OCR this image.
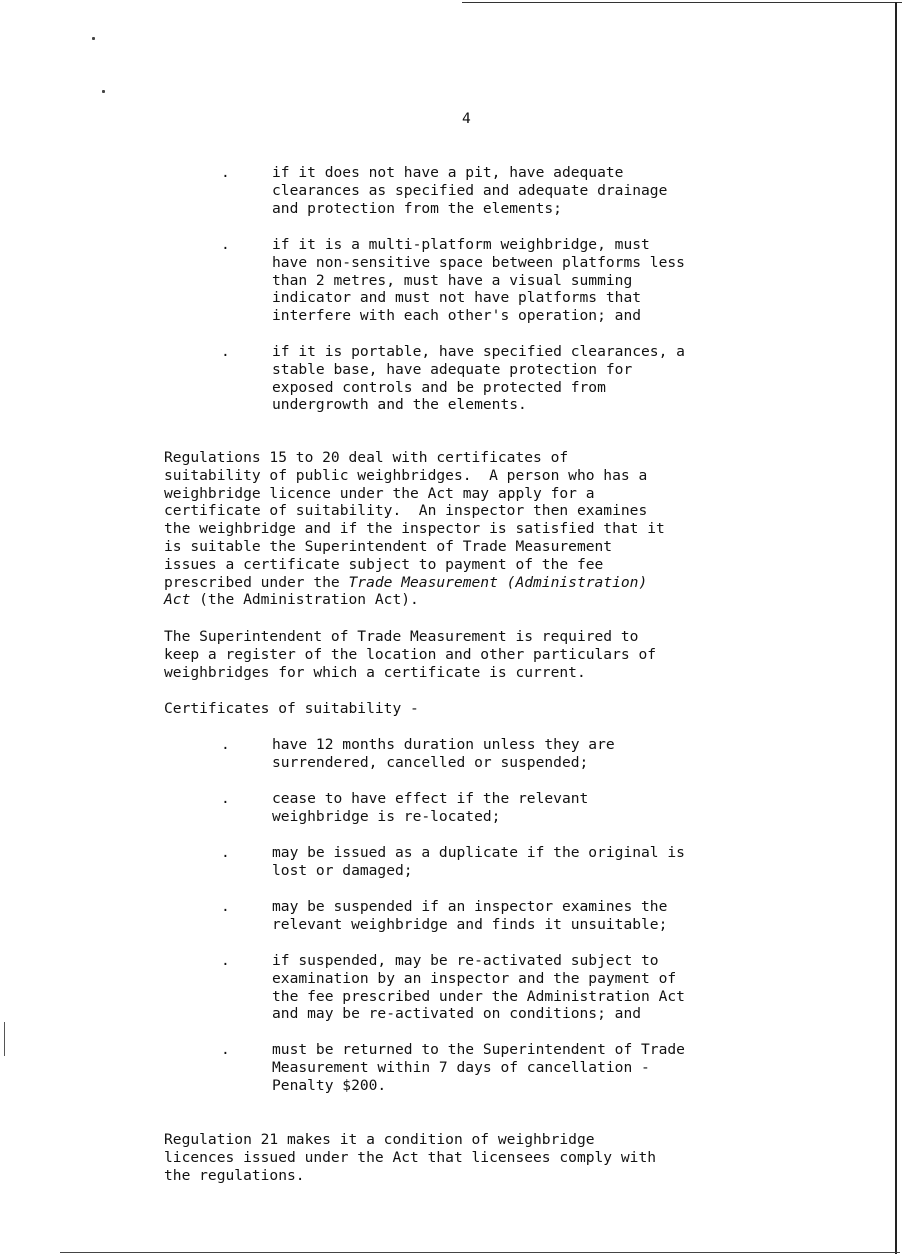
4
.	if it does not have a pit, have adequate
clearances as specified and adequate drainage
and protection from the elements;
.	if it is a multi-platform weighbridge, must
have non-sensitive space between platforms less
than 2 metres, must have a visual summing
indicator and must not have platforms that
interfere with each other's operation; and
.	if it is portable, have specified clearances, a
stable base, have adequate protection for
exposed controls and be protected from
undergrowth and the elements.

Regulations 15 to 20 deal with certificates of
suitability of public weighbridges.  A person who has a
weighbridge licence under the Act may apply for a
certificate of suitability.  An inspector then examines
the weighbridge and if the inspector is satisfied that it
is suitable the Superintendent of Trade Measurement
issues a certificate subject to payment of the fee
prescribed under the Trade Measurement (Administration)
Act (the Administration Act).

The Superintendent of Trade Measurement is required to
keep a register of the location and other particulars of
weighbridges for which a certificate is current.

Certificates of suitability -

.	have 12 months duration unless they are
surrendered, cancelled or suspended;
.	cease to have effect if the relevant
weighbridge is re-located;
.	may be issued as a duplicate if the original is
lost or damaged;
.	may be suspended if an inspector examines the
relevant weighbridge and finds it unsuitable;
.	if suspended, may be re-activated subject to
examination by an inspector and the payment of
the fee prescribed under the Administration Act
and may be re-activated on conditions; and
.	must be returned to the Superintendent of Trade
Measurement within 7 days of cancellation -
Penalty $200.

Regulation 21 makes it a condition of weighbridge
licences issued under the Act that licensees comply with
the regulations.
